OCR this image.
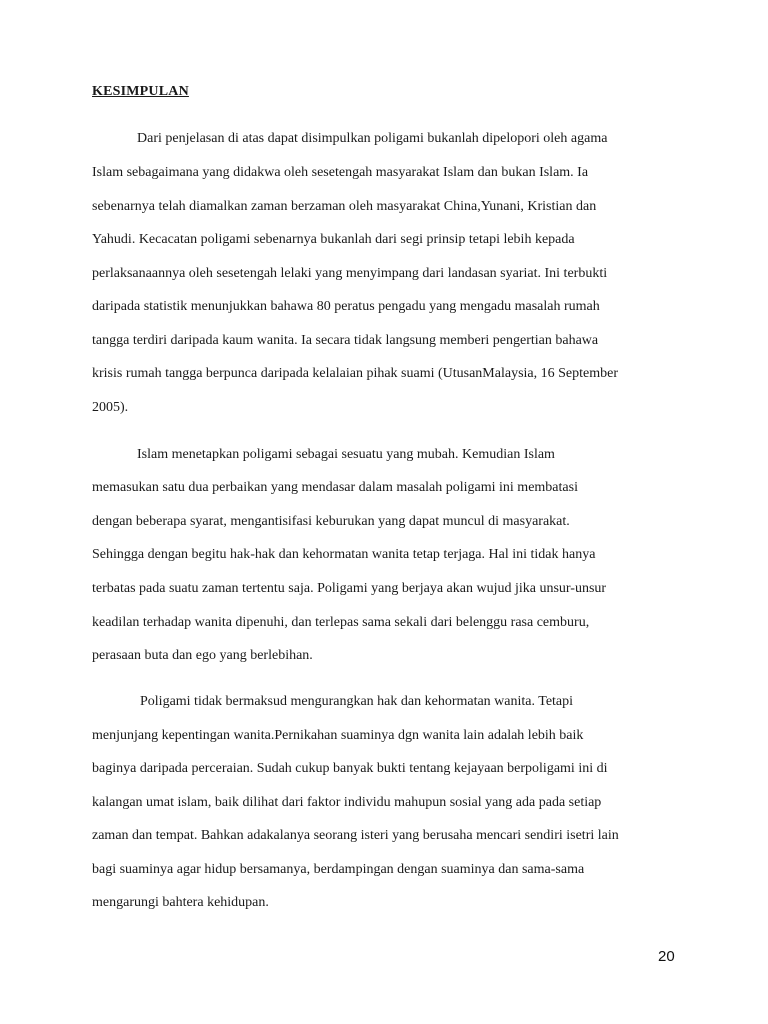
KESIMPULAN
Dari penjelasan di atas dapat disimpulkan poligami bukanlah dipelopori oleh agama
Islam sebagaimana yang didakwa oleh sesetengah masyarakat Islam dan bukan Islam. Ia
sebenarnya telah diamalkan zaman berzaman oleh masyarakat China,Yunani, Kristian dan
Yahudi. Kecacatan poligami sebenarnya bukanlah dari segi prinsip tetapi lebih kepada
perlaksanaannya oleh sesetengah lelaki yang menyimpang dari landasan syariat. Ini terbukti
daripada statistik menunjukkan bahawa 80 peratus pengadu yang mengadu masalah rumah
tangga terdiri daripada kaum wanita. Ia secara tidak langsung memberi pengertian bahawa
krisis rumah tangga berpunca daripada kelalaian pihak suami (UtusanMalaysia, 16 September
2005).
Islam menetapkan poligami sebagai sesuatu yang mubah. Kemudian Islam
memasukan satu dua perbaikan yang mendasar dalam masalah poligami ini membatasi
dengan beberapa syarat, mengantisifasi keburukan yang dapat muncul di masyarakat.
Sehingga dengan begitu hak-hak dan kehormatan wanita tetap terjaga. Hal ini tidak hanya
terbatas pada suatu zaman tertentu saja. Poligami yang berjaya akan wujud jika unsur-unsur
keadilan terhadap wanita dipenuhi, dan terlepas sama sekali dari belenggu rasa cemburu,
perasaan buta dan ego yang berlebihan.
Poligami tidak bermaksud mengurangkan hak dan kehormatan wanita. Tetapi
menjunjang kepentingan wanita.Pernikahan suaminya dgn wanita lain adalah lebih baik
baginya daripada perceraian. Sudah cukup banyak bukti tentang kejayaan berpoligami ini di
kalangan umat islam, baik dilihat dari faktor individu mahupun sosial yang ada pada setiap
zaman dan tempat. Bahkan adakalanya seorang isteri yang berusaha mencari sendiri isetri lain
bagi suaminya agar hidup bersamanya, berdampingan dengan suaminya dan sama-sama
mengarungi bahtera kehidupan.
20
